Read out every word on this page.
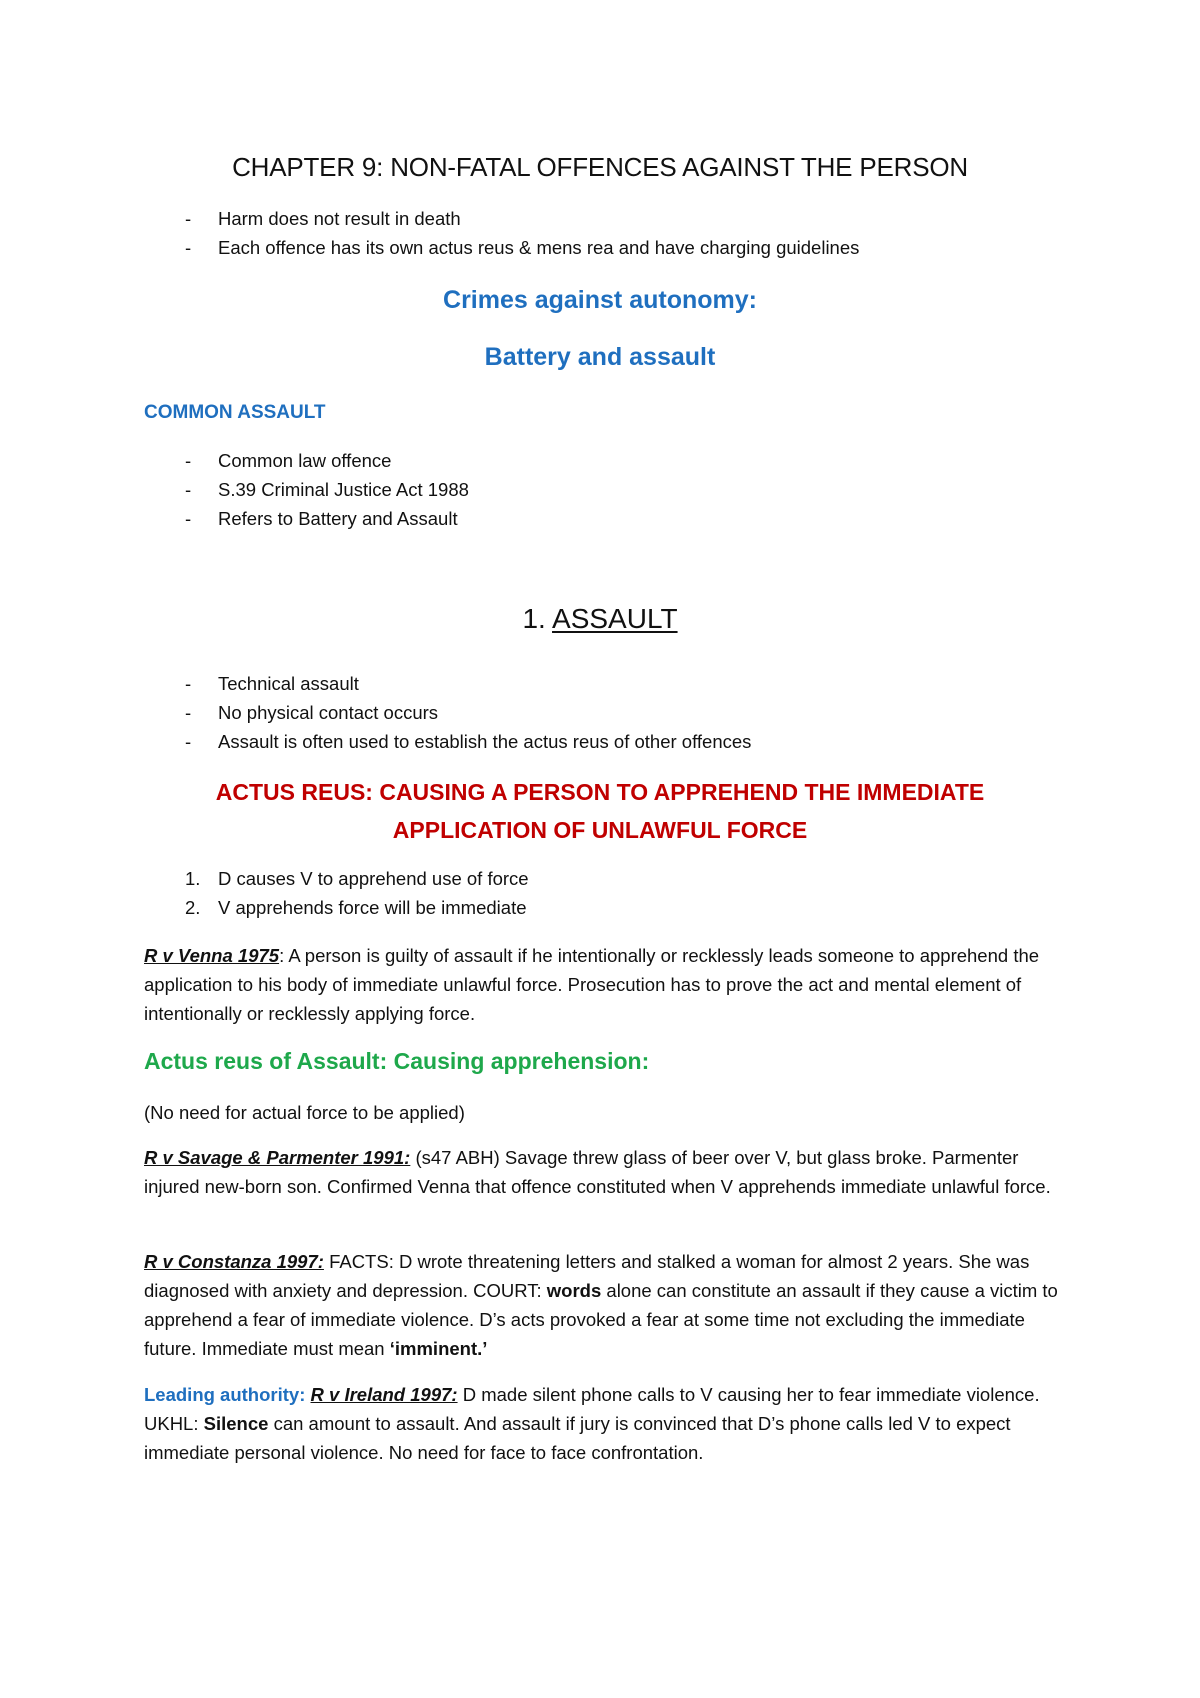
CHAPTER 9: NON-FATAL OFFENCES AGAINST THE PERSON
- Harm does not result in death
- Each offence has its own actus reus & mens rea and have charging guidelines
Crimes against autonomy:
Battery and assault
COMMON ASSAULT
- Common law offence
- S.39 Criminal Justice Act 1988
- Refers to Battery and Assault
1. ASSAULT
- Technical assault
- No physical contact occurs
- Assault is often used to establish the actus reus of other offences
ACTUS REUS: CAUSING A PERSON TO APPREHEND THE IMMEDIATE
APPLICATION OF UNLAWFUL FORCE
1. D causes V to apprehend use of force
2. V apprehends force will be immediate

R v Venna 1975: A person is guilty of assault if he intentionally or recklessly leads someone to apprehend the application to his body of immediate unlawful force. Prosecution has to prove the act and mental element of intentionally or recklessly applying force.

Actus reus of Assault: Causing apprehension:

(No need for actual force to be applied)

R v Savage & Parmenter 1991: (s47 ABH) Savage threw glass of beer over V, but glass broke. Parmenter injured new-born son. Confirmed Venna that offence constituted when V apprehends immediate unlawful force.

R v Constanza 1997: FACTS: D wrote threatening letters and stalked a woman for almost 2 years. She was diagnosed with anxiety and depression. COURT: words alone can constitute an assault if they cause a victim to apprehend a fear of immediate violence. D’s acts provoked a fear at some time not excluding the immediate future. Immediate must mean ‘imminent.’

Leading authority: R v Ireland 1997: D made silent phone calls to V causing her to fear immediate violence. UKHL: Silence can amount to assault. And assault if jury is convinced that D’s phone calls led V to expect immediate personal violence. No need for face to face confrontation.
